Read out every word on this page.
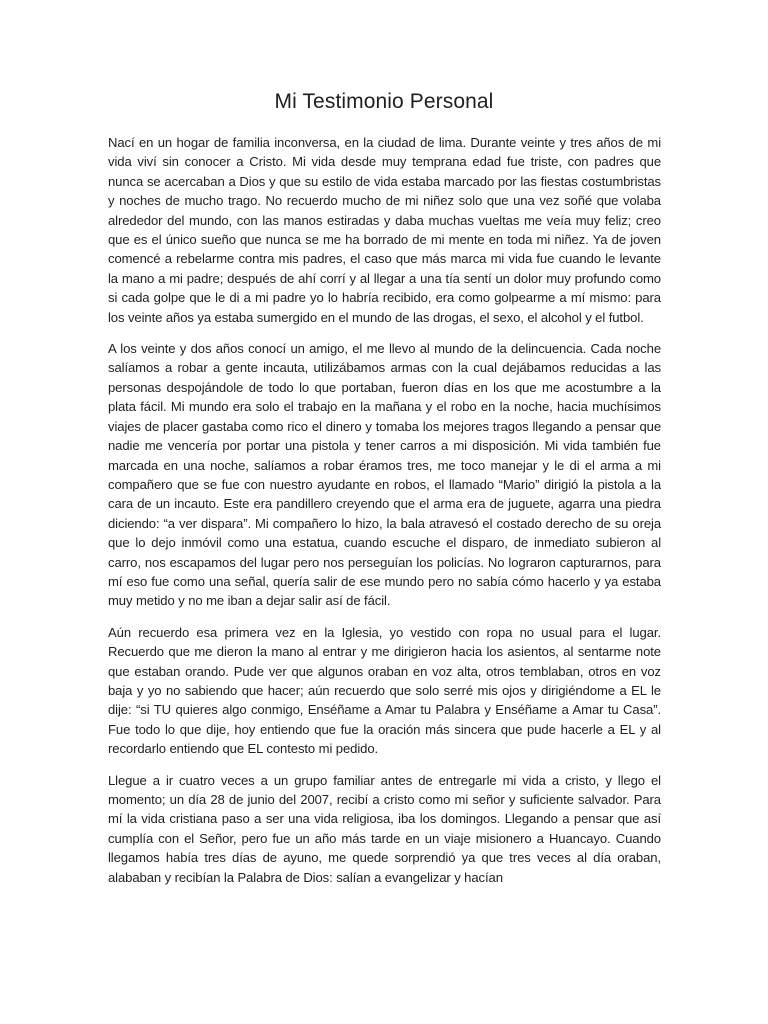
Mi Testimonio Personal

Nací en un hogar de familia inconversa, en la ciudad de lima. Durante veinte y tres años de mi vida viví sin conocer a Cristo. Mi vida desde muy temprana edad fue triste, con padres que nunca se acercaban a Dios y que su estilo de vida estaba marcado por las fiestas costumbristas y noches de mucho trago. No recuerdo mucho de mi niñez solo que una vez soñé que volaba alrededor del mundo, con las manos estiradas y daba muchas vueltas me veía muy feliz; creo que es el único sueño que nunca se me ha borrado de mi mente en toda mi niñez. Ya de joven comencé a rebelarme contra mis padres, el caso que más marca mi vida fue cuando le levante la mano a mi padre; después de ahí corrí y al llegar a una tía sentí un dolor muy profundo como si cada golpe que le di a mi padre yo lo habría recibido, era como golpearme a mí mismo: para los veinte años ya estaba sumergido en el mundo de las drogas, el sexo, el alcohol y el futbol.

A los veinte y dos años conocí un amigo, el me llevo al mundo de la delincuencia. Cada noche salíamos a robar a gente incauta, utilizábamos armas con la cual dejábamos reducidas a las personas despojándole de todo lo que portaban, fueron días en los que me acostumbre a la plata fácil. Mi mundo era solo el trabajo en la mañana y el robo en la noche, hacia muchísimos viajes de placer gastaba como rico el dinero y tomaba los mejores tragos llegando a pensar que nadie me vencería por portar una pistola y tener carros a mi disposición. Mi vida también fue marcada en una noche, salíamos a robar éramos tres, me toco manejar y le di el arma a mi compañero que se fue con nuestro ayudante en robos, el llamado “Mario” dirigió la pistola a la cara de un incauto. Este era pandillero creyendo que el arma era de juguete, agarra una piedra diciendo: “a ver dispara”. Mi compañero lo hizo, la bala atravesó el costado derecho de su oreja que lo dejo inmóvil como una estatua, cuando escuche el disparo, de inmediato subieron al carro, nos escapamos del lugar pero nos perseguían los policías. No lograron capturarnos, para mí eso fue como una señal, quería salir de ese mundo pero no sabía cómo hacerlo y ya estaba muy metido y no me iban a dejar salir así de fácil.

Aún recuerdo esa primera vez en la Iglesia, yo vestido con ropa no usual para el lugar. Recuerdo que me dieron la mano al entrar y me dirigieron hacia los asientos, al sentarme note que estaban orando. Pude ver que algunos oraban en voz alta, otros temblaban, otros en voz baja y yo no sabiendo que hacer; aún recuerdo que solo serré mis ojos y dirigiéndome a EL le dije: “si TU quieres algo conmigo, Enséñame a Amar tu Palabra y Enséñame a Amar tu Casa”. Fue todo lo que dije, hoy entiendo que fue la oración más sincera que pude hacerle a EL y al recordarlo entiendo que EL contesto mi pedido.

Llegue a ir cuatro veces a un grupo familiar antes de entregarle mi vida a cristo, y llego el momento; un día 28 de junio del 2007, recibí a cristo como mi señor y suficiente salvador. Para mí la vida cristiana paso a ser una vida religiosa, iba los domingos. Llegando a pensar que así cumplía con el Señor, pero fue un año más tarde en un viaje misionero a Huancayo. Cuando llegamos había tres días de ayuno, me quede sorprendió ya que tres veces al día oraban, alababan y recibían la Palabra de Dios: salían a evangelizar y hacían
